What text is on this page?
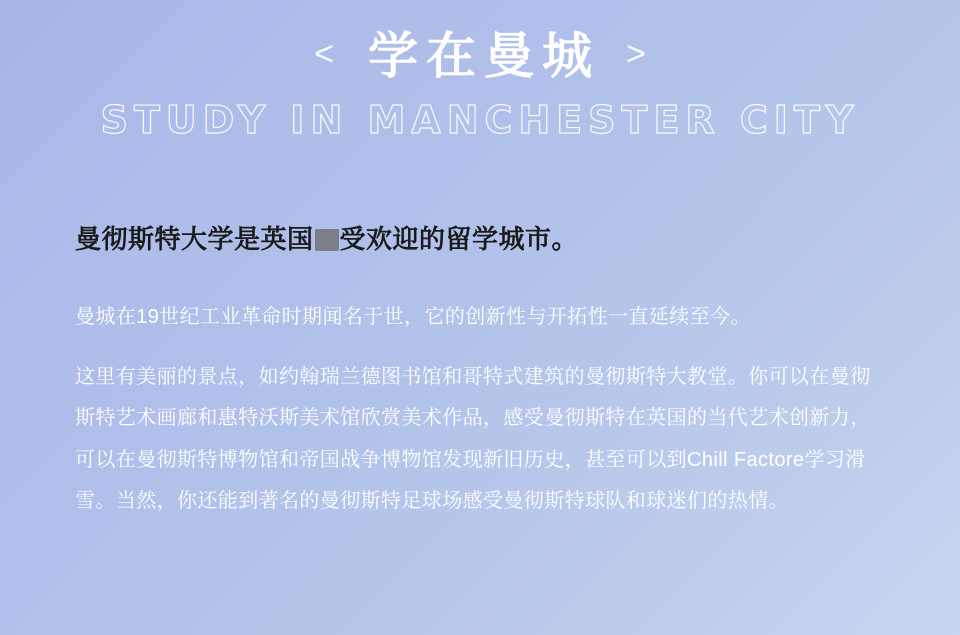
< 学在曼城 >
STUDY IN MANCHESTER CITY

曼彻斯特大学是英国 受欢迎的留学城市。

曼城在19世纪工业革命时期闻名于世，它的创新性与开拓性一直延续至今。

这里有美丽的景点，如约翰瑞兰德图书馆和哥特式建筑的曼彻斯特大教堂。你可以在曼彻斯特艺术画廊和惠特沃斯美术馆欣赏美术作品，感受曼彻斯特在英国的当代艺术创新力，可以在曼彻斯特博物馆和帝国战争博物馆发现新旧历史，甚至可以到Chill Factore学习滑雪。当然，你还能到著名的曼彻斯特足球场感受曼彻斯特球队和球迷们的热情。
